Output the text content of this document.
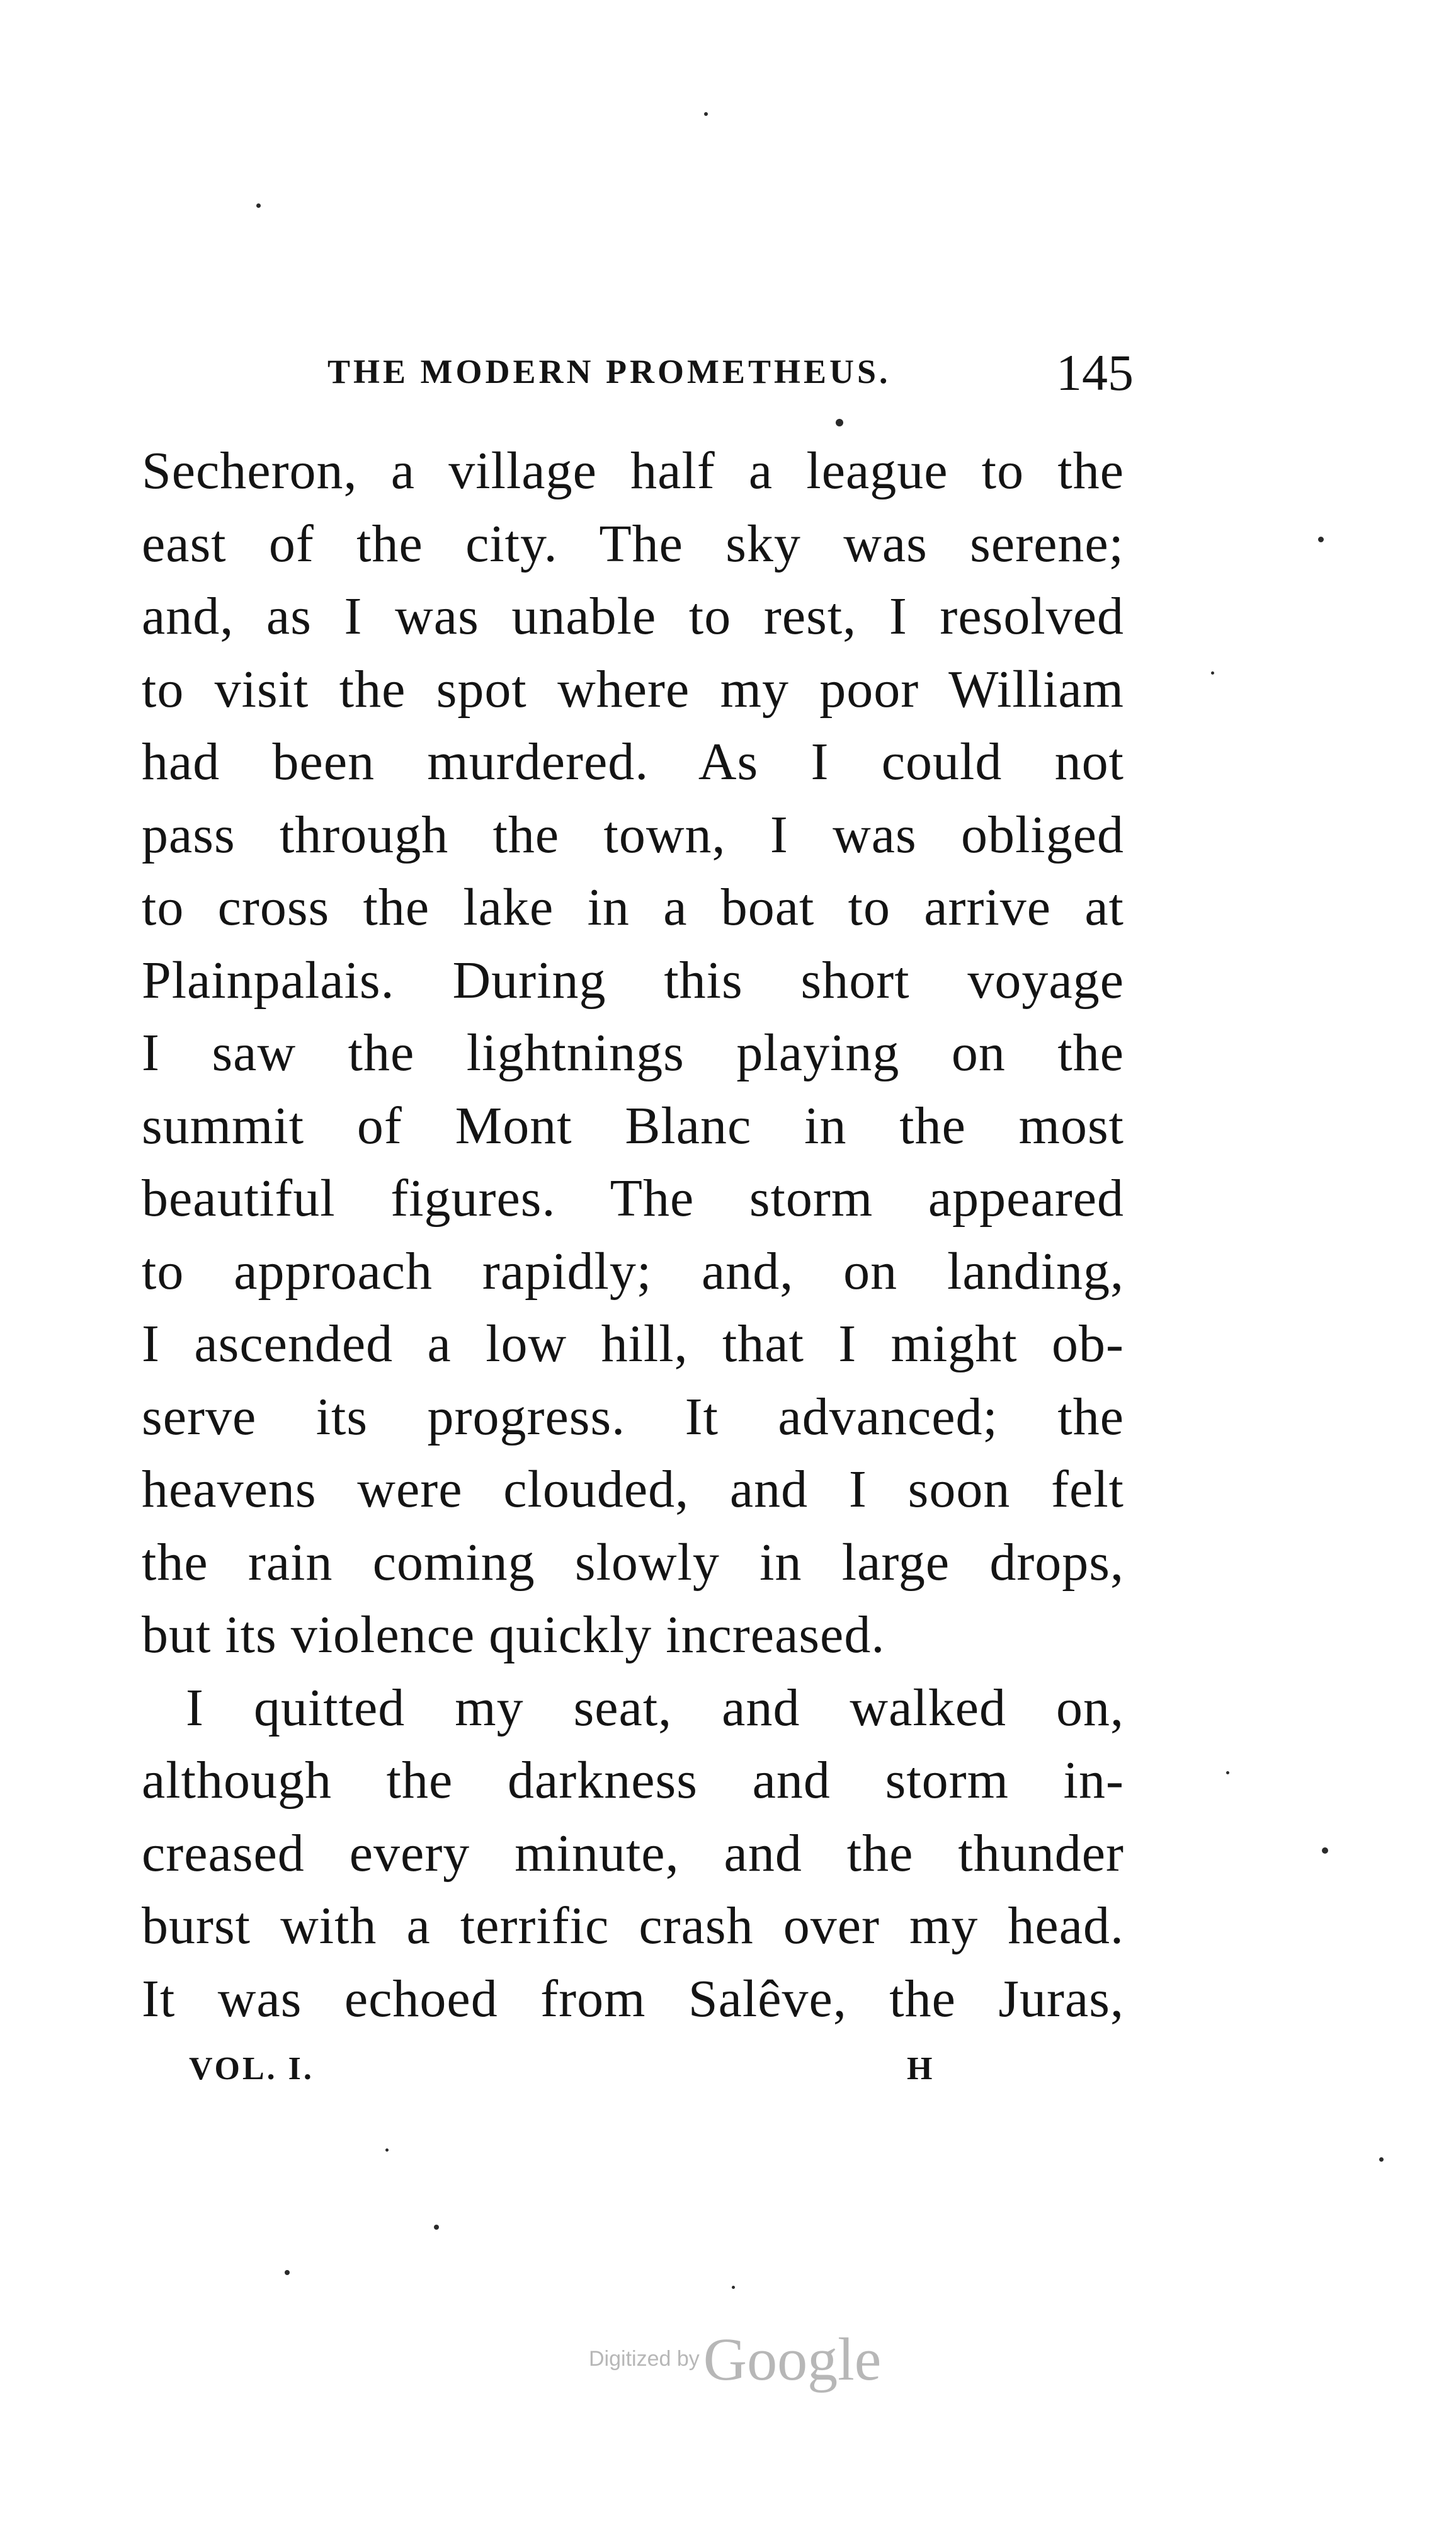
THE MODERN PROMETHEUS.	145
Secheron, a village half a league to the
east of the city. The sky was serene;
and, as I was unable to rest, I resolved
to visit the spot where my poor William
had been murdered. As I could not
pass through the town, I was obliged
to cross the lake in a boat to arrive at
Plainpalais. During this short voyage
I saw the lightnings playing on the
summit of Mont Blanc in the most
beautiful figures. The storm appeared
to approach rapidly; and, on landing,
I ascended a low hill, that I might ob-
serve its progress. It advanced; the
heavens were clouded, and I soon felt
the rain coming slowly in large drops,
but its violence quickly increased.
I quitted my seat, and walked on,
although the darkness and storm in-
creased every minute, and the thunder
burst with a terrific crash over my head.
It was echoed from Salêve, the Juras,
VOL. I.	H
Digitized byGoogle
